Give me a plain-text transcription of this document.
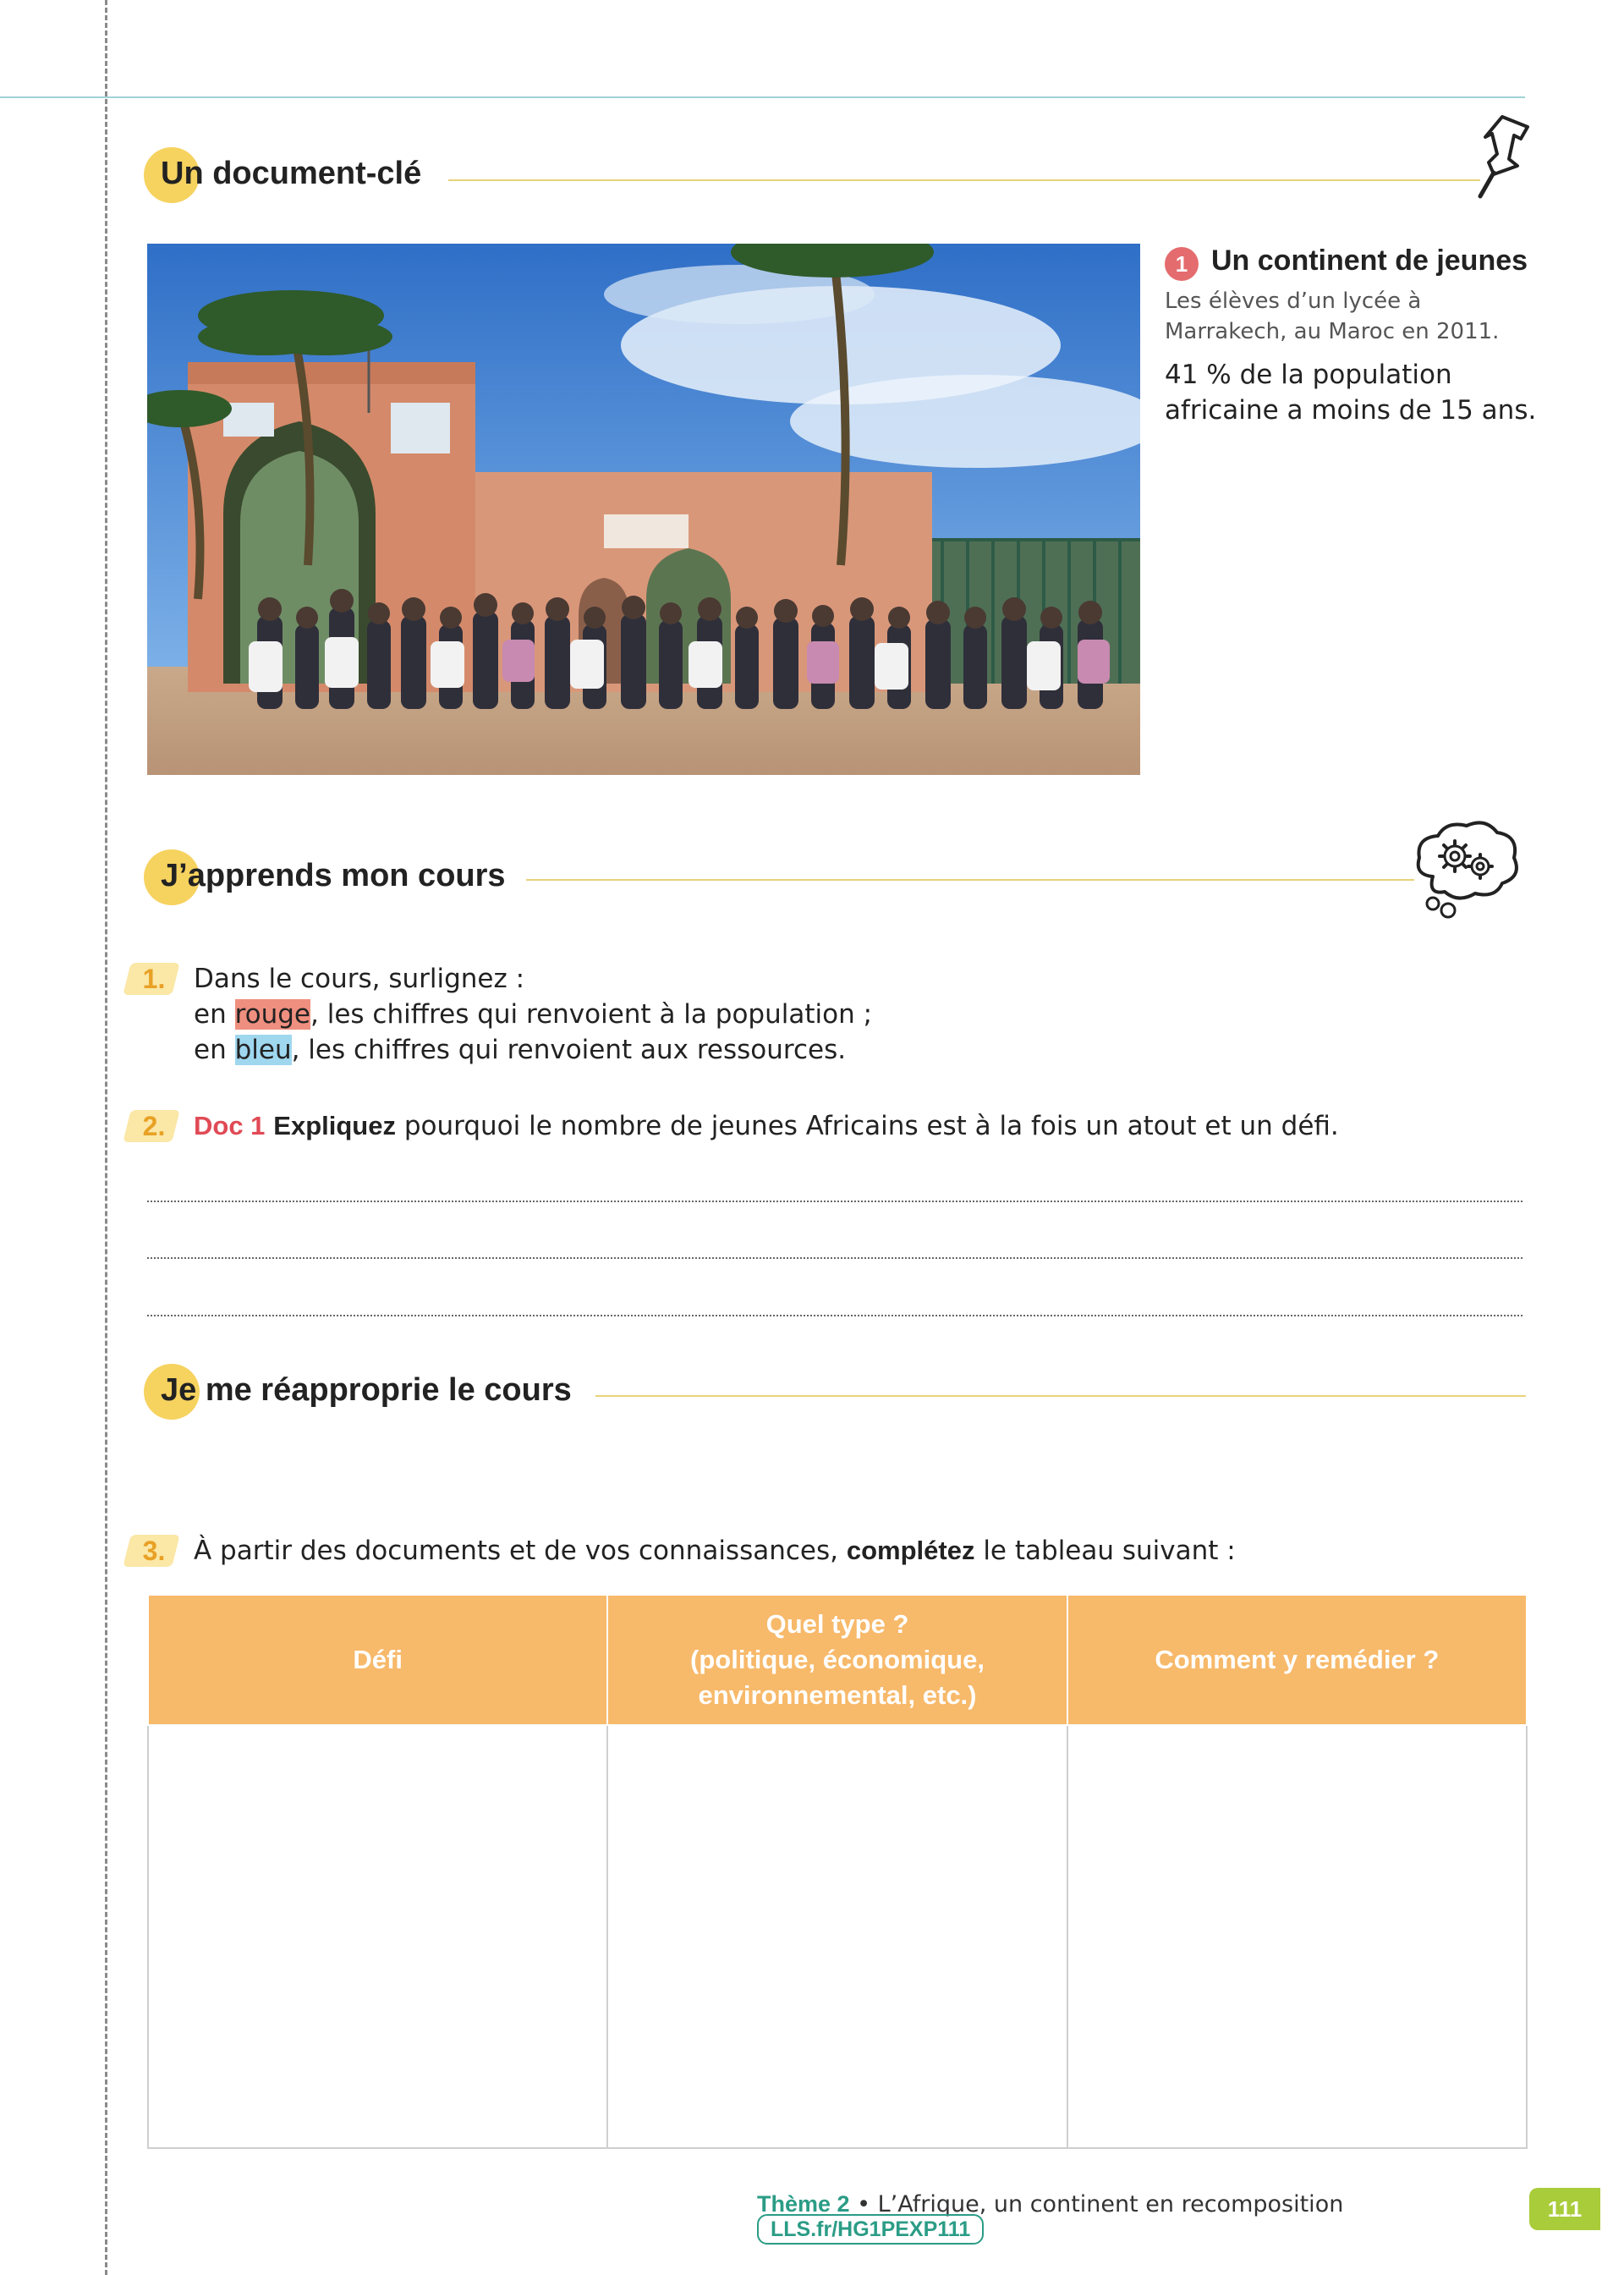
Un document-clé
1 Un continent de jeunes
Les élèves d’un lycée à Marrakech, au Maroc en 2011.
41 % de la population africaine a moins de 15 ans.
J’apprends mon cours
1.	Dans le cours, surlignez :
en rouge, les chiffres qui renvoient à la population ;
en bleu, les chiffres qui renvoient aux ressources.
2.	Doc 1 Expliquez pourquoi le nombre de jeunes Africains est à la fois un atout et un défi.
Je me réapproprie le cours
3.	À partir des documents et de vos connaissances, complétez le tableau suivant :
Défi	Quel type ?
(politique, économique,
environnemental, etc.)	Comment y remédier ?

Thème 2 • L’Afrique, un continent en recomposition LLS.fr/HG1PEXP111
111
